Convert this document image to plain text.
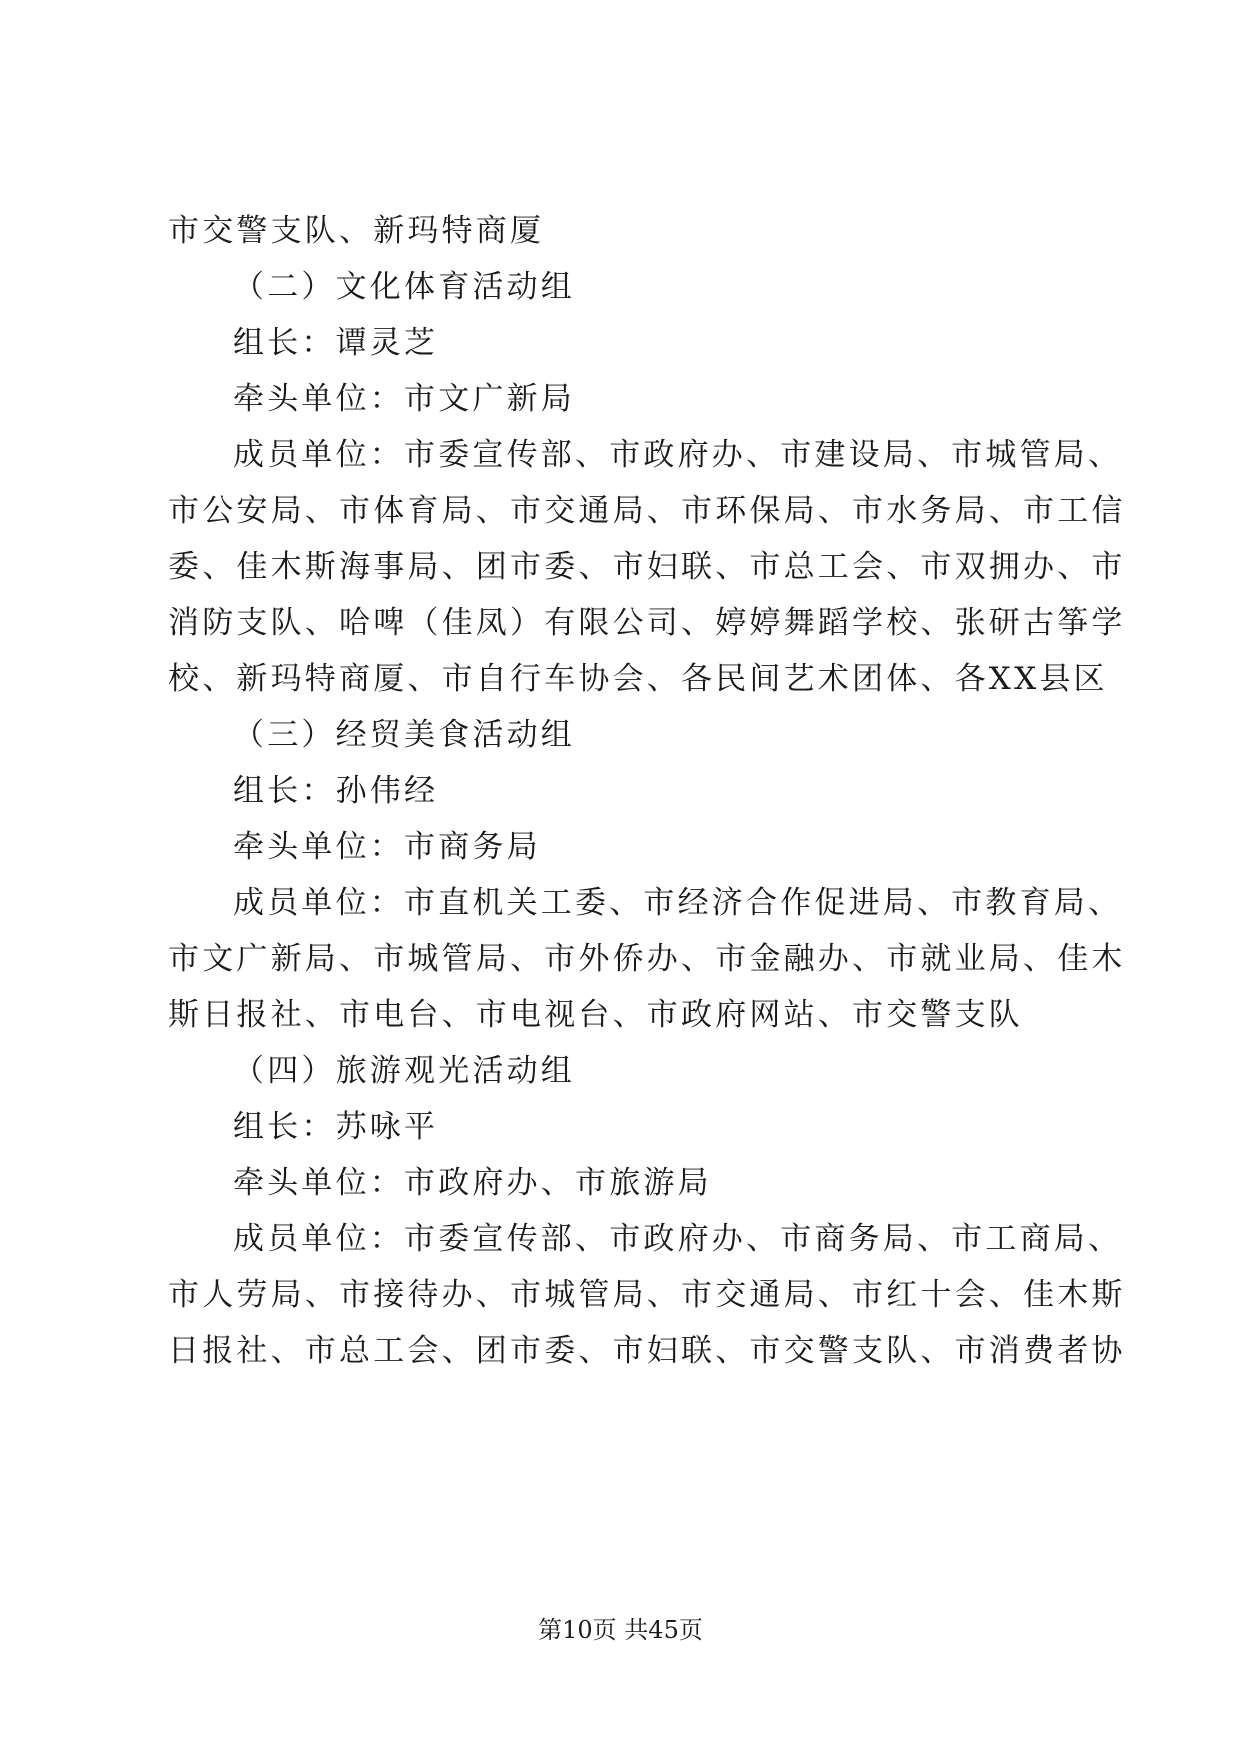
市交警支队、新玛特商厦
（二）文化体育活动组
组长：谭灵芝
牵头单位：市文广新局
成员单位：市委宣传部、市政府办、市建设局、市城管局、
市公安局、市体育局、市交通局、市环保局、市水务局、市工信
委、佳木斯海事局、团市委、市妇联、市总工会、市双拥办、市
消防支队、哈啤（佳凤）有限公司、婷婷舞蹈学校、张研古筝学
校、新玛特商厦、市自行车协会、各民间艺术团体、各XX县区
（三）经贸美食活动组
组长：孙伟经
牵头单位：市商务局
成员单位：市直机关工委、市经济合作促进局、市教育局、
市文广新局、市城管局、市外侨办、市金融办、市就业局、佳木
斯日报社、市电台、市电视台、市政府网站、市交警支队
（四）旅游观光活动组
组长：苏咏平
牵头单位：市政府办、市旅游局
成员单位：市委宣传部、市政府办、市商务局、市工商局、
市人劳局、市接待办、市城管局、市交通局、市红十会、佳木斯
日报社、市总工会、团市委、市妇联、市交警支队、市消费者协
第10页 共45页
